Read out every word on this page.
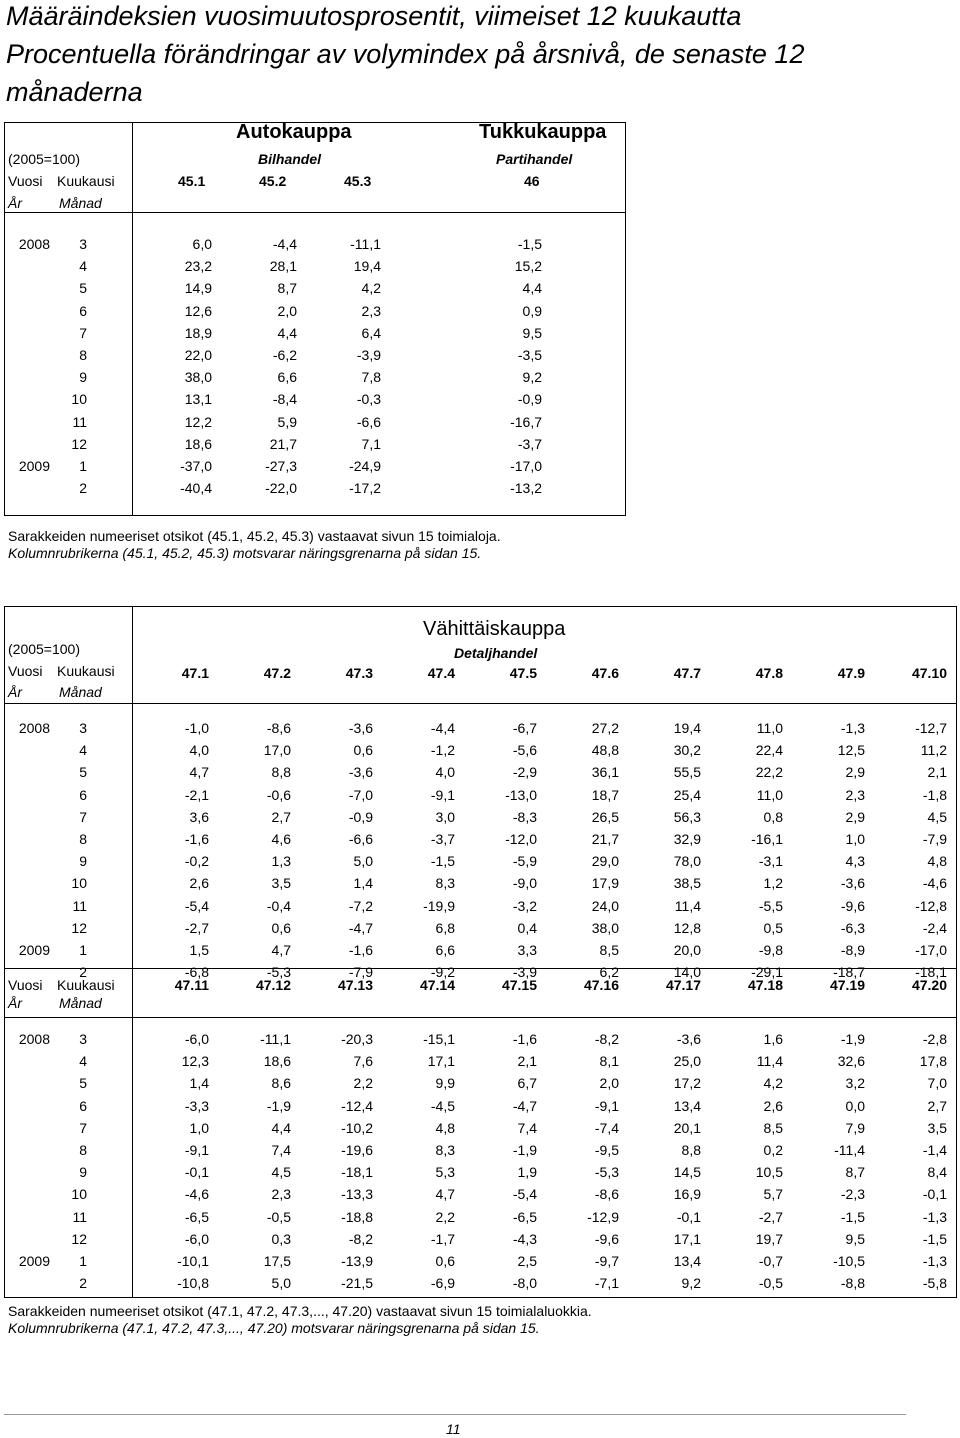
Määräindeksien vuosimuutosprosentit, viimeiset 12 kuukautta
Procentuella förändringar av volymindex på årsnivå, de senaste 12
månaderna
Autokauppa
Bilhandel
Tukkukauppa
Partihandel
(2005=100)
Vuosi Kuukausi
År	Månad
45.1	45.2	45.3	46
2008	3	6,0	-4,4	-11,1	-1,5
	4	23,2	28,1	19,4	15,2
	5	14,9	8,7	4,2	4,4
	6	12,6	2,0	2,3	0,9
	7	18,9	4,4	6,4	9,5
	8	22,0	-6,2	-3,9	-3,5
	9	38,0	6,6	7,8	9,2
	10	13,1	-8,4	-0,3	-0,9
	11	12,2	5,9	-6,6	-16,7
	12	18,6	21,7	7,1	-3,7
2009	1	-37,0	-27,3	-24,9	-17,0
	2	-40,4	-22,0	-17,2	-13,2
Sarakkeiden numeeriset otsikot (45.1, 45.2, 45.3) vastaavat sivun 15 toimialoja.
Kolumnrubrikerna (45.1, 45.2, 45.3) motsvarar näringsgrenarna på sidan 15.
Vähittäiskauppa
Detaljhandel
(2005=100)
Vuosi Kuukausi
År	Månad
47.1	47.2	47.3	47.4	47.5	47.6	47.7	47.8	47.9	47.10
2008	3	-1,0	-8,6	-3,6	-4,4	-6,7	27,2	19,4	11,0	-1,3	-12,7
	4	4,0	17,0	0,6	-1,2	-5,6	48,8	30,2	22,4	12,5	11,2
	5	4,7	8,8	-3,6	4,0	-2,9	36,1	55,5	22,2	2,9	2,1
	6	-2,1	-0,6	-7,0	-9,1	-13,0	18,7	25,4	11,0	2,3	-1,8
	7	3,6	2,7	-0,9	3,0	-8,3	26,5	56,3	0,8	2,9	4,5
	8	-1,6	4,6	-6,6	-3,7	-12,0	21,7	32,9	-16,1	1,0	-7,9
	9	-0,2	1,3	5,0	-1,5	-5,9	29,0	78,0	-3,1	4,3	4,8
	10	2,6	3,5	1,4	8,3	-9,0	17,9	38,5	1,2	-3,6	-4,6
	11	-5,4	-0,4	-7,2	-19,9	-3,2	24,0	11,4	-5,5	-9,6	-12,8
	12	-2,7	0,6	-4,7	6,8	0,4	38,0	12,8	0,5	-6,3	-2,4
2009	1	1,5	4,7	-1,6	6,6	3,3	8,5	20,0	-9,8	-8,9	-17,0
	2	-6,8	-5,3	-7,9	-9,2	-3,9	6,2	14,0	-29,1	-18,7	-18,1
Vuosi Kuukausi
År	Månad
47.11	47.12	47.13	47.14	47.15	47.16	47.17	47.18	47.19	47.20
2008	3	-6,0	-11,1	-20,3	-15,1	-1,6	-8,2	-3,6	1,6	-1,9	-2,8
	4	12,3	18,6	7,6	17,1	2,1	8,1	25,0	11,4	32,6	17,8
	5	1,4	8,6	2,2	9,9	6,7	2,0	17,2	4,2	3,2	7,0
	6	-3,3	-1,9	-12,4	-4,5	-4,7	-9,1	13,4	2,6	0,0	2,7
	7	1,0	4,4	-10,2	4,8	7,4	-7,4	20,1	8,5	7,9	3,5
	8	-9,1	7,4	-19,6	8,3	-1,9	-9,5	8,8	0,2	-11,4	-1,4
	9	-0,1	4,5	-18,1	5,3	1,9	-5,3	14,5	10,5	8,7	8,4
	10	-4,6	2,3	-13,3	4,7	-5,4	-8,6	16,9	5,7	-2,3	-0,1
	11	-6,5	-0,5	-18,8	2,2	-6,5	-12,9	-0,1	-2,7	-1,5	-1,3
	12	-6,0	0,3	-8,2	-1,7	-4,3	-9,6	17,1	19,7	9,5	-1,5
2009	1	-10,1	17,5	-13,9	0,6	2,5	-9,7	13,4	-0,7	-10,5	-1,3
	2	-10,8	5,0	-21,5	-6,9	-8,0	-7,1	9,2	-0,5	-8,8	-5,8
Sarakkeiden numeeriset otsikot (47.1, 47.2, 47.3,..., 47.20) vastaavat sivun 15 toimialaluokkia.
Kolumnrubrikerna (47.1, 47.2, 47.3,..., 47.20) motsvarar näringsgrenarna på sidan 15.
11
